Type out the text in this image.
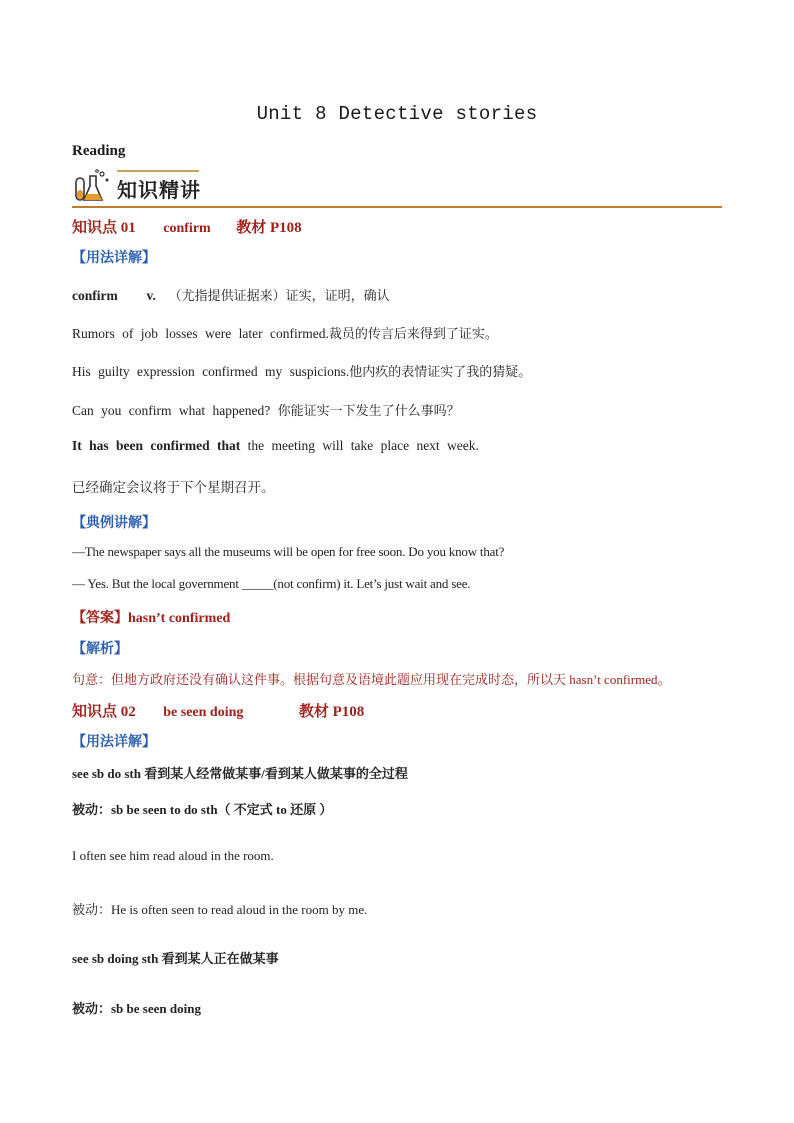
Unit 8 Detective stories
Reading
知识精讲
知识点 01 confirm 教材 P108
【用法详解】
confirm v. （尤指提供证据来）证实，证明，确认
Rumors of job losses were later confirmed.裁员的传言后来得到了证实。
His guilty expression confirmed my suspicions.他内疚的表情证实了我的猜疑。
Can you confirm what happened? 你能证实一下发生了什么事吗？
It has been confirmed that the meeting will take place next week.
已经确定会议将于下个星期召开。
【典例讲解】
—The newspaper says all the museums will be open for free soon. Do you know that?
— Yes. But the local government _____(not confirm) it. Let’s just wait and see.
【答案】hasn’t confirmed
【解析】
句意：但地方政府还没有确认这件事。根据句意及语境此题应用现在完成时态，所以天 hasn’t confirmed。
知识点 02 be seen doing	教材 P108
【用法详解】
see sb do sth 看到某人经常做某事/看到某人做某事的全过程
被动：sb be seen to do sth（ 不定式 to 还原 ）
I often see him read aloud in the room.
被动：He is often seen to read aloud in the room by me.
see sb doing sth 看到某人正在做某事
被动：sb be seen doing
